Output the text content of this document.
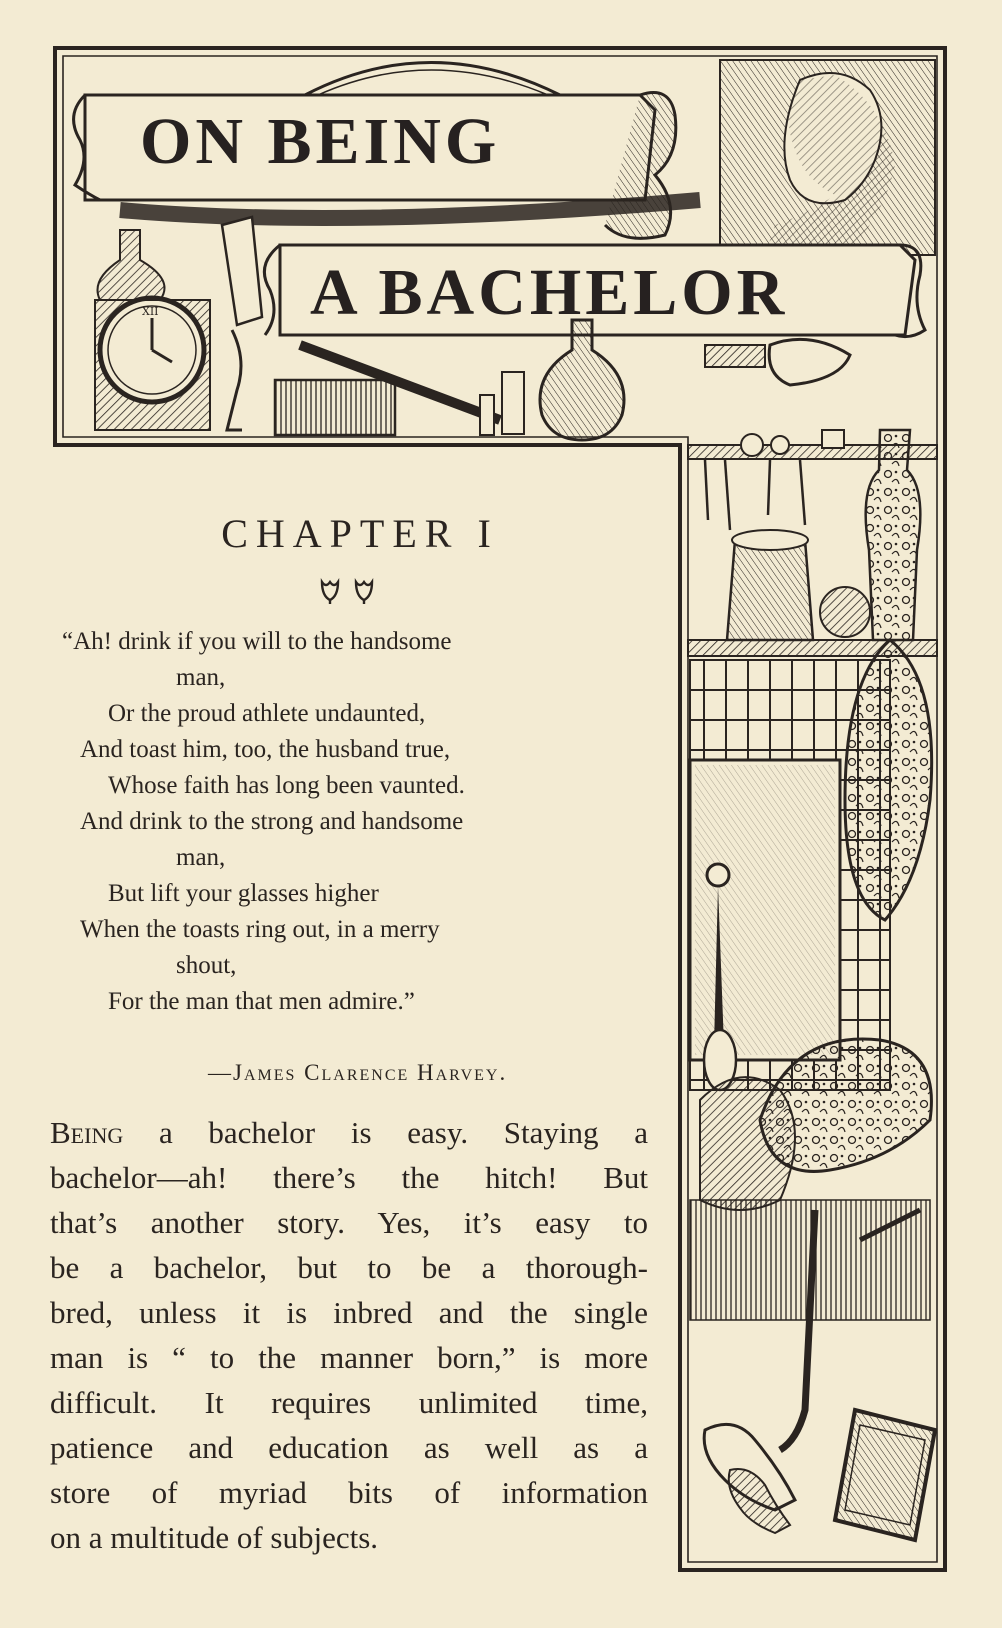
XII
ON BEING
A BACHELOR
CHAPTER I
“Ah! drink if you will to the handsome
man,
Or the proud athlete undaunted,
And toast him, too, the husband true,
Whose faith has long been vaunted.
And drink to the strong and handsome
man,
But lift your glasses higher
When the toasts ring out, in a merry
shout,
For the man that men admire.”
—James Clarence Harvey.
Being a bachelor is easy. Staying a
bachelor—ah! there’s the hitch! But
that’s another story. Yes, it’s easy to
be a bachelor, but to be a thorough-
bred, unless it is inbred and the single
man is “ to the manner born,” is more
difficult. It requires unlimited time,
patience and education as well as a
store of myriad bits of information
on a multitude of subjects.
